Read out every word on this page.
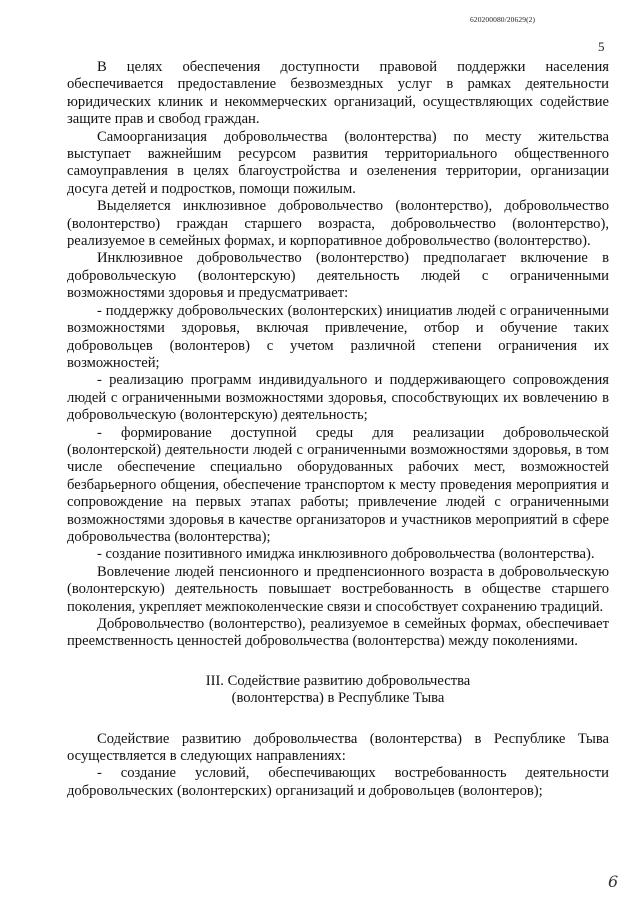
620200080/20629(2)
5

В целях обеспечения доступности правовой поддержки населения обеспечивается предоставление безвозмездных услуг в рамках деятельности юридических клиник и некоммерческих организаций, осуществляющих содействие защите прав и свобод граждан.

Самоорганизация добровольчества (волонтерства) по месту жительства выступает важнейшим ресурсом развития территориального общественного самоуправления в целях благоустройства и озеленения территории, организации досуга детей и подростков, помощи пожилым.

Выделяется инклюзивное добровольчество (волонтерство), добровольчество (волонтерство) граждан старшего возраста, добровольчество (волонтерство), реализуемое в семейных формах, и корпоративное добровольчество (волонтерство).

Инклюзивное добровольчество (волонтерство) предполагает включение в добровольческую (волонтерскую) деятельность людей с ограниченными возможностями здоровья и предусматривает:

- поддержку добровольческих (волонтерских) инициатив людей с ограниченными возможностями здоровья, включая привлечение, отбор и обучение таких добровольцев (волонтеров) с учетом различной степени ограничения их возможностей;

- реализацию программ индивидуального и поддерживающего сопровождения людей с ограниченными возможностями здоровья, способствующих их вовлечению в добровольческую (волонтерскую) деятельность;

- формирование доступной среды для реализации добровольческой (волонтерской) деятельности людей с ограниченными возможностями здоровья, в том числе обеспечение специально оборудованных рабочих мест, возможностей безбарьерного общения, обеспечение транспортом к месту проведения мероприятия и сопровождение на первых этапах работы; привлечение людей с ограниченными возможностями здоровья в качестве организаторов и участников мероприятий в сфере добровольчества (волонтерства);

- создание позитивного имиджа инклюзивного добровольчества (волонтерства).

Вовлечение людей пенсионного и предпенсионного возраста в добровольческую (волонтерскую) деятельность повышает востребованность в обществе старшего поколения, укрепляет межпоколенческие связи и способствует сохранению традиций.

Добровольчество (волонтерство), реализуемое в семейных формах, обеспечивает преемственность ценностей добровольчества (волонтерства) между поколениями.

III. Содействие развитию добровольчества
(волонтерства) в Республике Тыва

Содействие развитию добровольчества (волонтерства) в Республике Тыва осуществляется в следующих направлениях:

- создание условий, обеспечивающих востребованность деятельности добровольческих (волонтерских) организаций и добровольцев (волонтеров);

6
